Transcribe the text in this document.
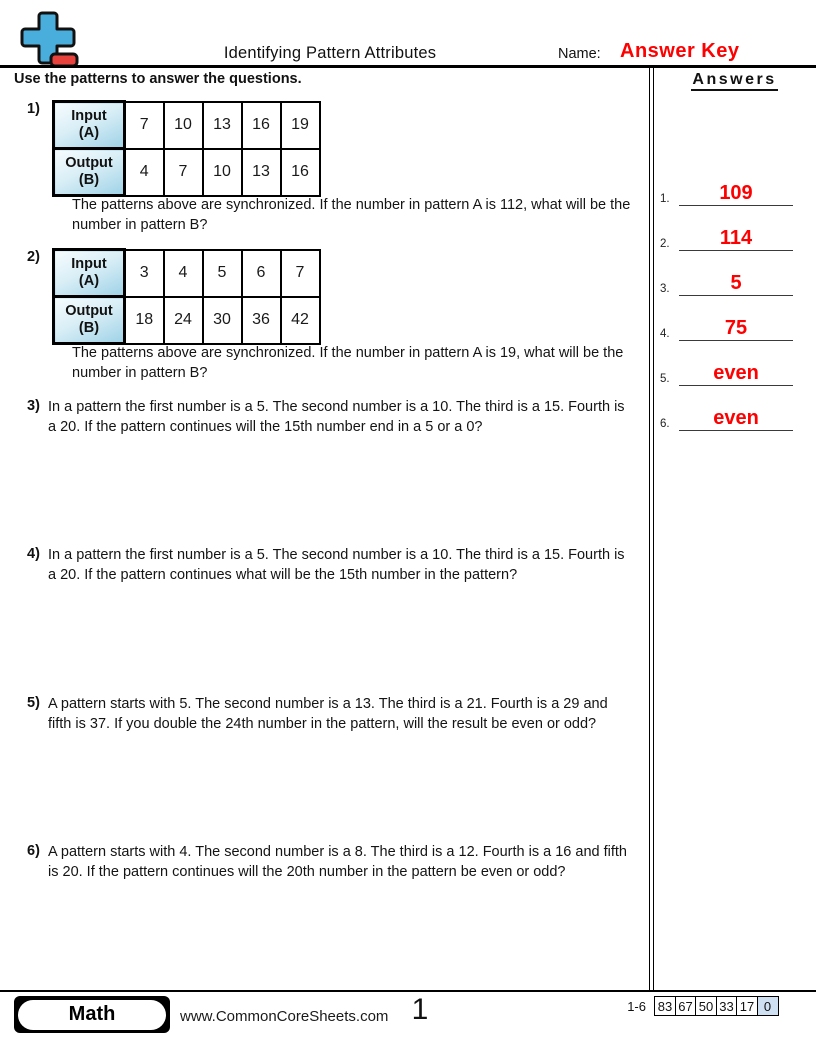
Identifying Pattern Attributes	Name: Answer Key
Use the patterns to answer the questions.	Answers
1. 109
2.	114
3.	5
4.	75
5. even
6. even
1)	Input
(A)	7	10	13	16	19

Output
(B)	4	7	10	13	16
The patterns above are synchronized. If the number in pattern A is 112, what will be the number in pattern B?
2)	Input
(A)	3	4	5	6	7

Output
(B)	18	24	30	36	42
The patterns above are synchronized. If the number in pattern A is 19, what will be the number in pattern B?
3) In a pattern the first number is a 5. The second number is a 10. The third is a 15. Fourth is a 20. If the pattern continues will the 15th number end in a 5 or a 0?
4) In a pattern the first number is a 5. The second number is a 10. The third is a 15. Fourth is a 20. If the pattern continues what will be the 15th number in the pattern?
5) A pattern starts with 5. The second number is a 13. The third is a 21. Fourth is a 29 and fifth is 37. If you double the 24th number in the pattern, will the result be even or odd?
6) A pattern starts with 4. The second number is a 8. The third is a 12. Fourth is a 16 and fifth is 20. If the pattern continues will the 20th number in the pattern be even or odd?
Math	www.CommonCoreSheets.com 1	1-6 83 67 50 33 17 0
